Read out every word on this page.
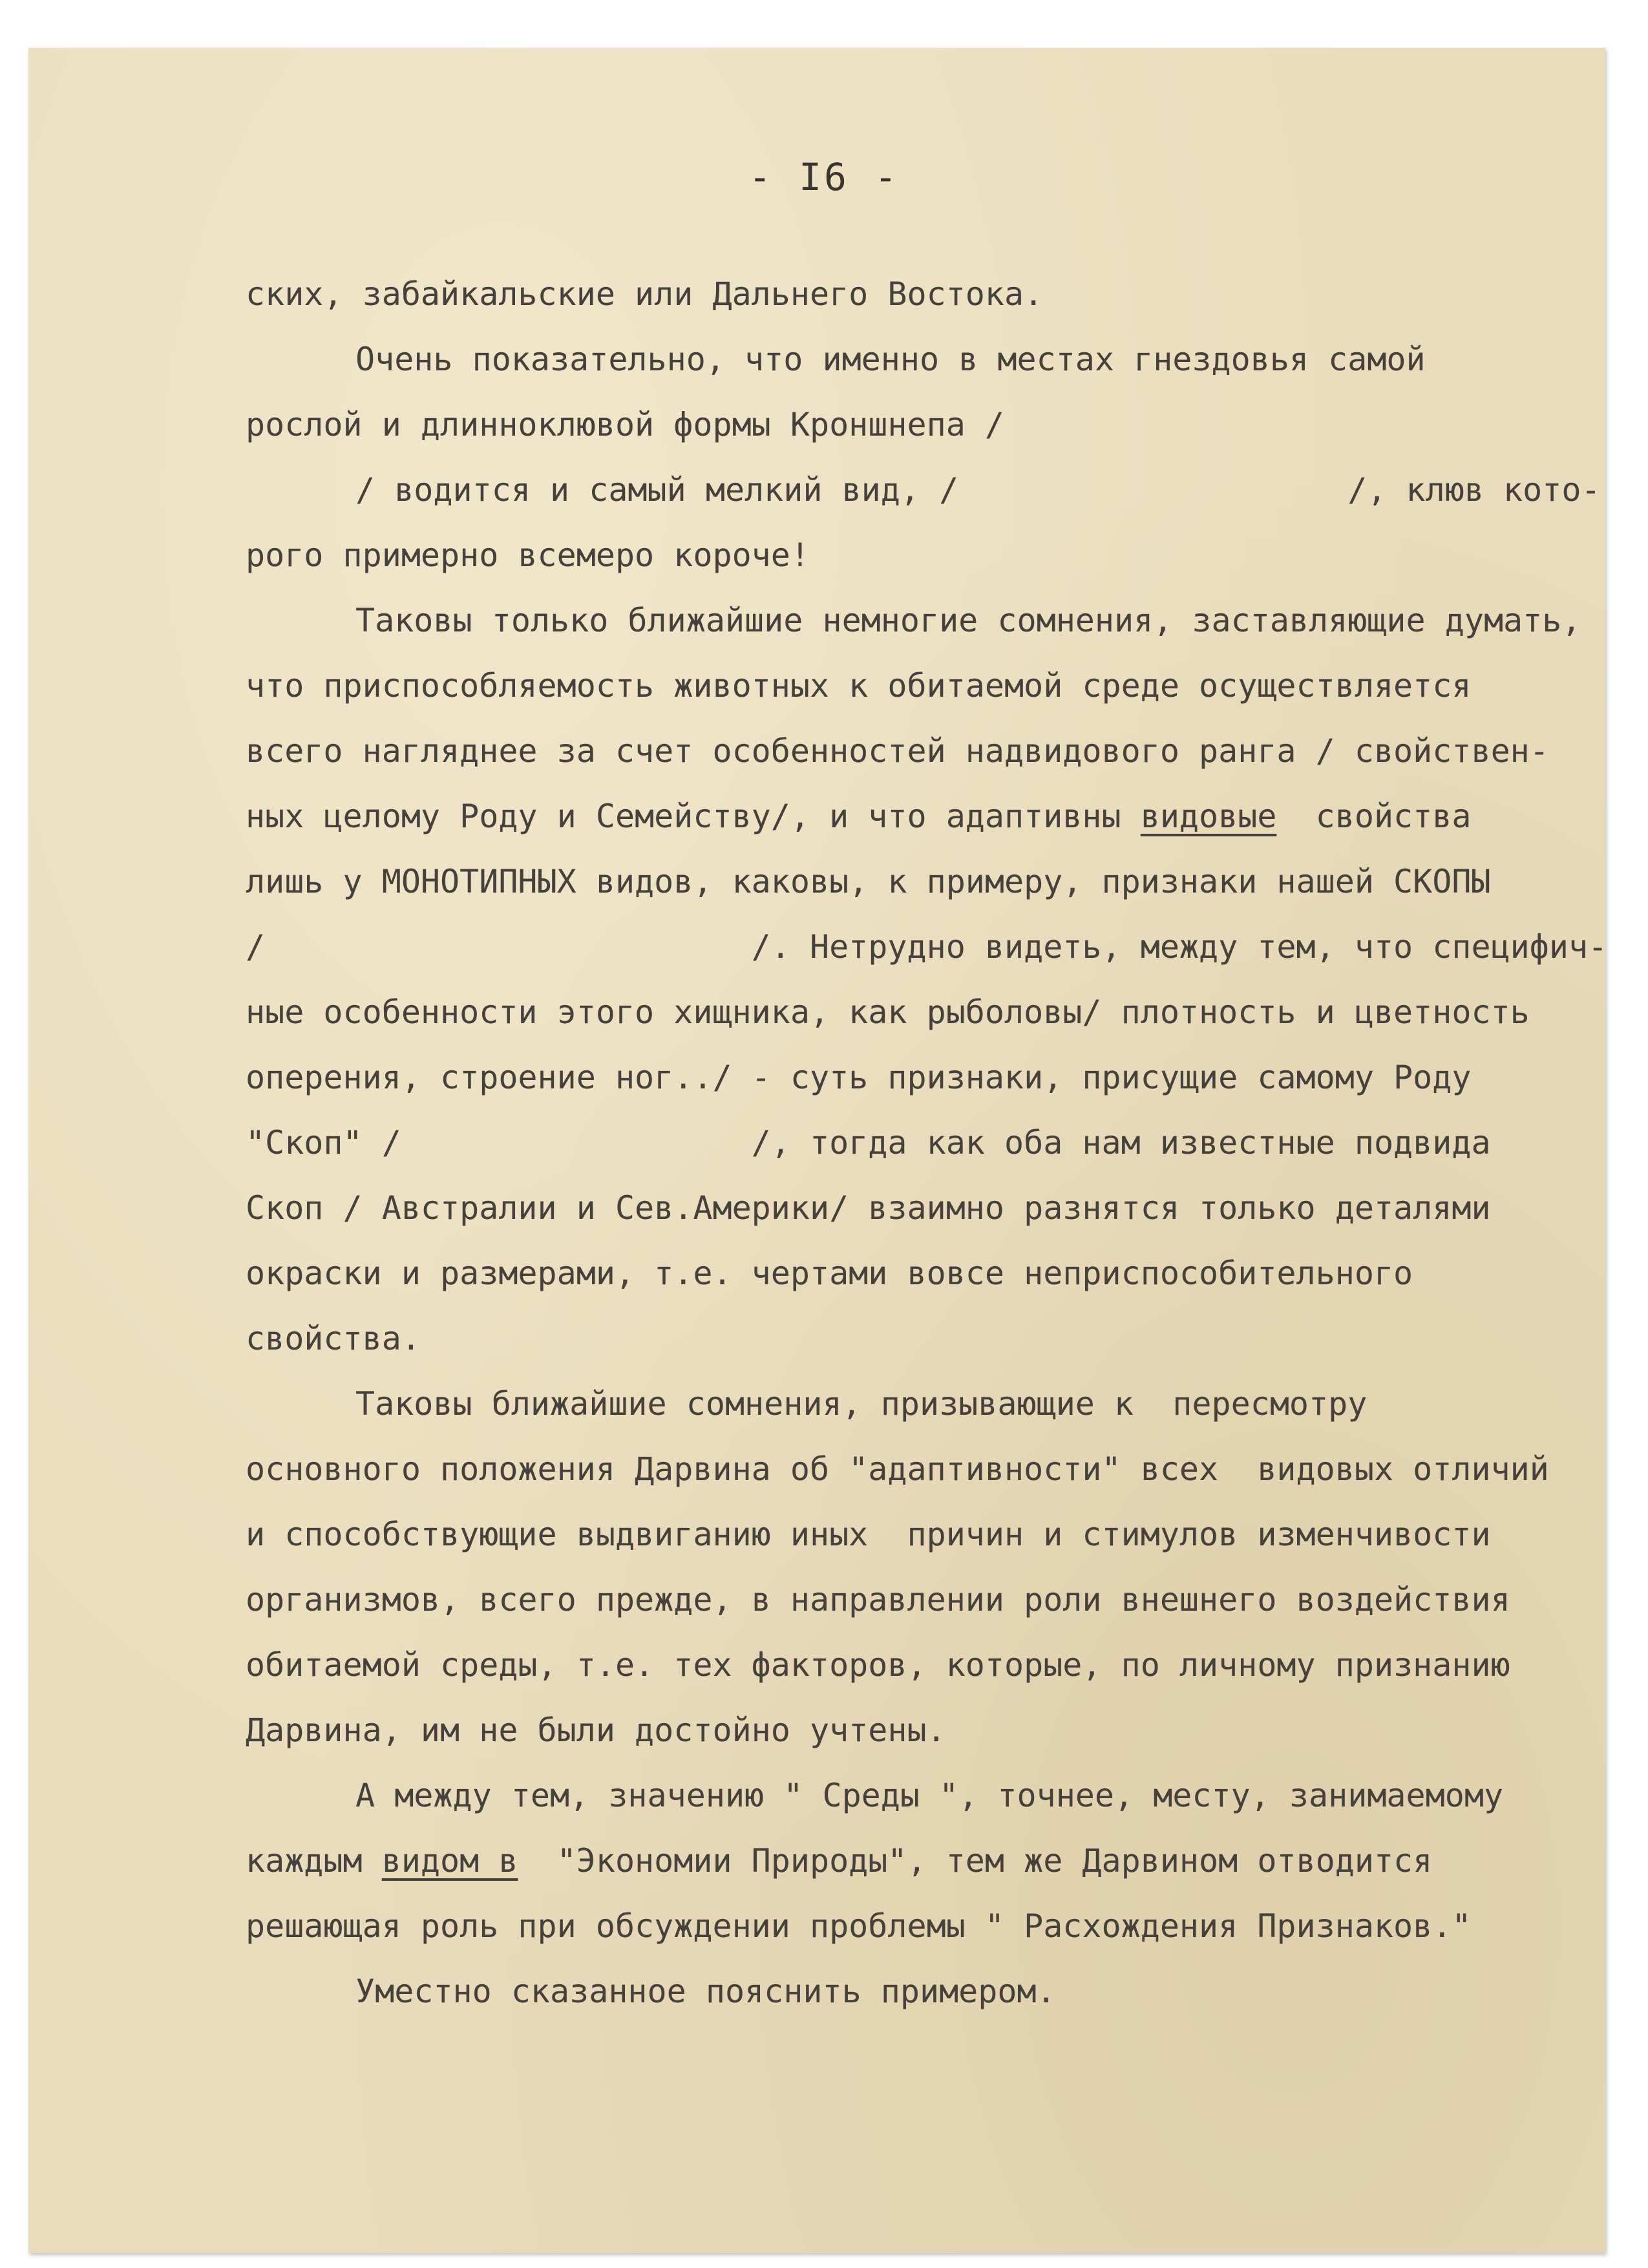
- I6 -
ских, забайкальские или Дальнего Востока.
Очень показательно, что именно в местах гнездовья самой
рослой и длинноклювой формы Кроншнепа /
/ водится и самый мелкий вид, /                    /, клюв кото-
рого примерно всемеро короче!
Таковы только ближайшие немногие сомнения, заставляющие думать,
что приспособляемость животных к обитаемой среде осуществляется
всего нагляднее за счет особенностей надвидового ранга / свойствен-
ных целому Роду и Семейству/, и что адаптивны видовые  свойства
лишь у МОНОТИПНЫХ видов, каковы, к примеру, признаки нашей СКОПЫ
/                         /. Нетрудно видеть, между тем, что специфич-
ные особенности этого хищника, как рыболовы/ плотность и цветность
оперения, строение ног../ - суть признаки, присущие самому Роду
"Скоп" /                  /, тогда как оба нам известные подвида
Скоп / Австралии и Сев.Америки/ взаимно разнятся только деталями
окраски и размерами, т.е. чертами вовсе неприспособительного
свойства.
Таковы ближайшие сомнения, призывающие к  пересмотру
основного положения Дарвина об "адаптивности" всех  видовых отличий
и способствующие выдвиганию иных  причин и стимулов изменчивости
организмов, всего прежде, в направлении роли внешнего воздействия
обитаемой среды, т.е. тех факторов, которые, по личному признанию
Дарвина, им не были достойно учтены.
А между тем, значению " Среды ", точнее, месту, занимаемому
каждым видом в  "Экономии Природы", тем же Дарвином отводится
решающая роль при обсуждении проблемы " Расхождения Признаков."
Уместно сказанное пояснить примером.
